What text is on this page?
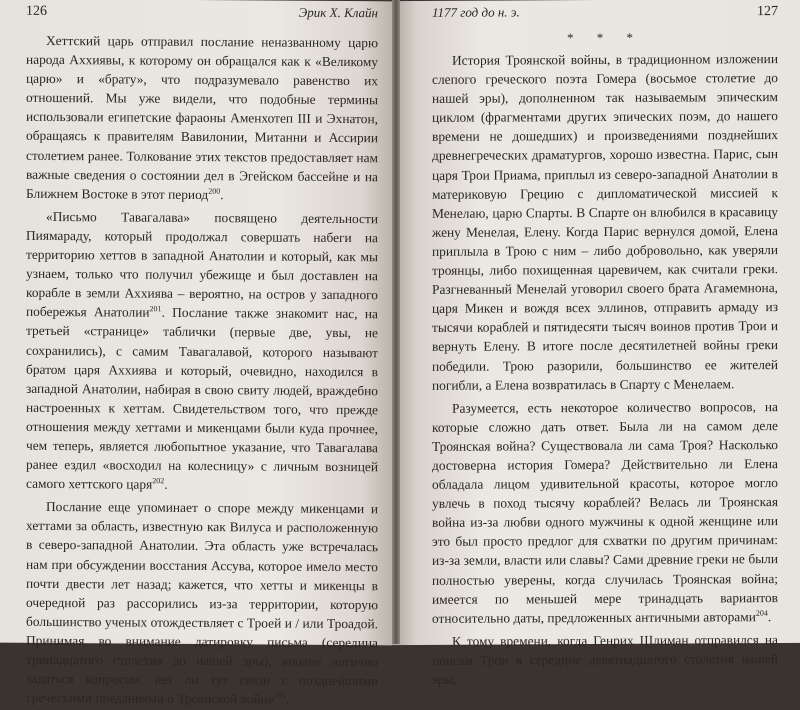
126	Эрик Х. Клайн

Хеттский царь отправил послание неназванному царю народа Аххиявы, к которому он обращался как к «Великому царю» и «брату», что подразумевало равенство их отношений. Мы уже видели, что подобные термины использовали египетские фараоны Аменхотеп III и Эхнатон, обращаясь к правителям Вавилонии, Митанни и Ассирии столетием ранее. Толкование этих текстов предоставляет нам важные сведения о состоянии дел в Эгейском бассейне и на Ближнем Востоке в этот период$^{200}$.

«Письмо Тавагалава» посвящено деятельности Пиямараду, который продолжал совершать набеги на территорию хеттов в западной Анатолии и который, как мы узнаем, только что получил убежище и был доставлен на корабле в земли Аххиява – вероятно, на остров у западного побережья Анатолии$^{201}$. Послание также знакомит нас, на третьей «странице» таблички (первые две, увы, не сохранились), с самим Тавагалавой, которого называют братом царя Аххиява и который, очевидно, находился в западной Анатолии, набирая в свою свиту людей, враждебно настроенных к хеттам. Свидетельством того, что прежде отношения между хеттами и микенцами были куда прочнее, чем теперь, является любопытное указание, что Тавагалава ранее ездил «восходил на колесницу» с личным возницей самого хеттского царя$^{202}$.

Послание еще упоминает о споре между микенцами и хеттами за область, известную как Вилуса и расположенную в северо-западной Анатолии. Эта область уже встречалась нам при обсуждении восстания Ассува, которое имело место почти двести лет назад; кажется, что хетты и микенцы в очередной раз рассорились из-за территории, которую большинство ученых отождествляет с Троей и / или Троадой. Принимая во внимание датировку письма (середина тринадцатого столетия до нашей эры), вполне логично задаться вопросом, нет ли тут связи с позднейшими греческими преданиями о Троянской войне$^{203}$.

1177 год до н. э.	127
* * *

История Троянской войны, в традиционном изложении слепого греческого поэта Гомера (восьмое столетие до нашей эры), дополненном так называемым эпическим циклом (фрагментами других эпических поэм, до нашего времени не дошедших) и произведениями позднейших древнегреческих драматургов, хорошо известна. Парис, сын царя Трои Приама, приплыл из северо-западной Анатолии в материковую Грецию с дипломатической миссией к Менелаю, царю Спарты. В Спарте он влюбился в красавицу жену Менелая, Елену. Когда Парис вернулся домой, Елена приплыла в Трою с ним – либо добровольно, как уверяли троянцы, либо похищенная царевичем, как считали греки. Разгневанный Менелай уговорил своего брата Агамемнона, царя Микен и вождя всех эллинов, отправить армаду из тысячи кораблей и пятидесяти тысяч воинов против Трои и вернуть Елену. В итоге после десятилетней войны греки победили. Трою разорили, большинство ее жителей погибли, а Елена возвратилась в Спарту с Менелаем.

Разумеется, есть некоторое количество вопросов, на которые сложно дать ответ. Была ли на самом деле Троянская война? Существовала ли сама Троя? Насколько достоверна история Гомера? Действительно ли Елена обладала лицом удивительной красоты, которое могло увлечь в поход тысячу кораблей? Велась ли Троянская война из-за любви одного мужчины к одной женщине или это был просто предлог для схватки по другим причинам: из-за земли, власти или славы? Сами древние греки не были полностью уверены, когда случилась Троянская война; имеется по меньшей мере тринадцать вариантов относительно даты, предложенных античными авторами$^{204}$.

К тому времени, когда Генрих Шлиман отправился на поиски Трои в середине девятнадцатого столетия нашей эры,
